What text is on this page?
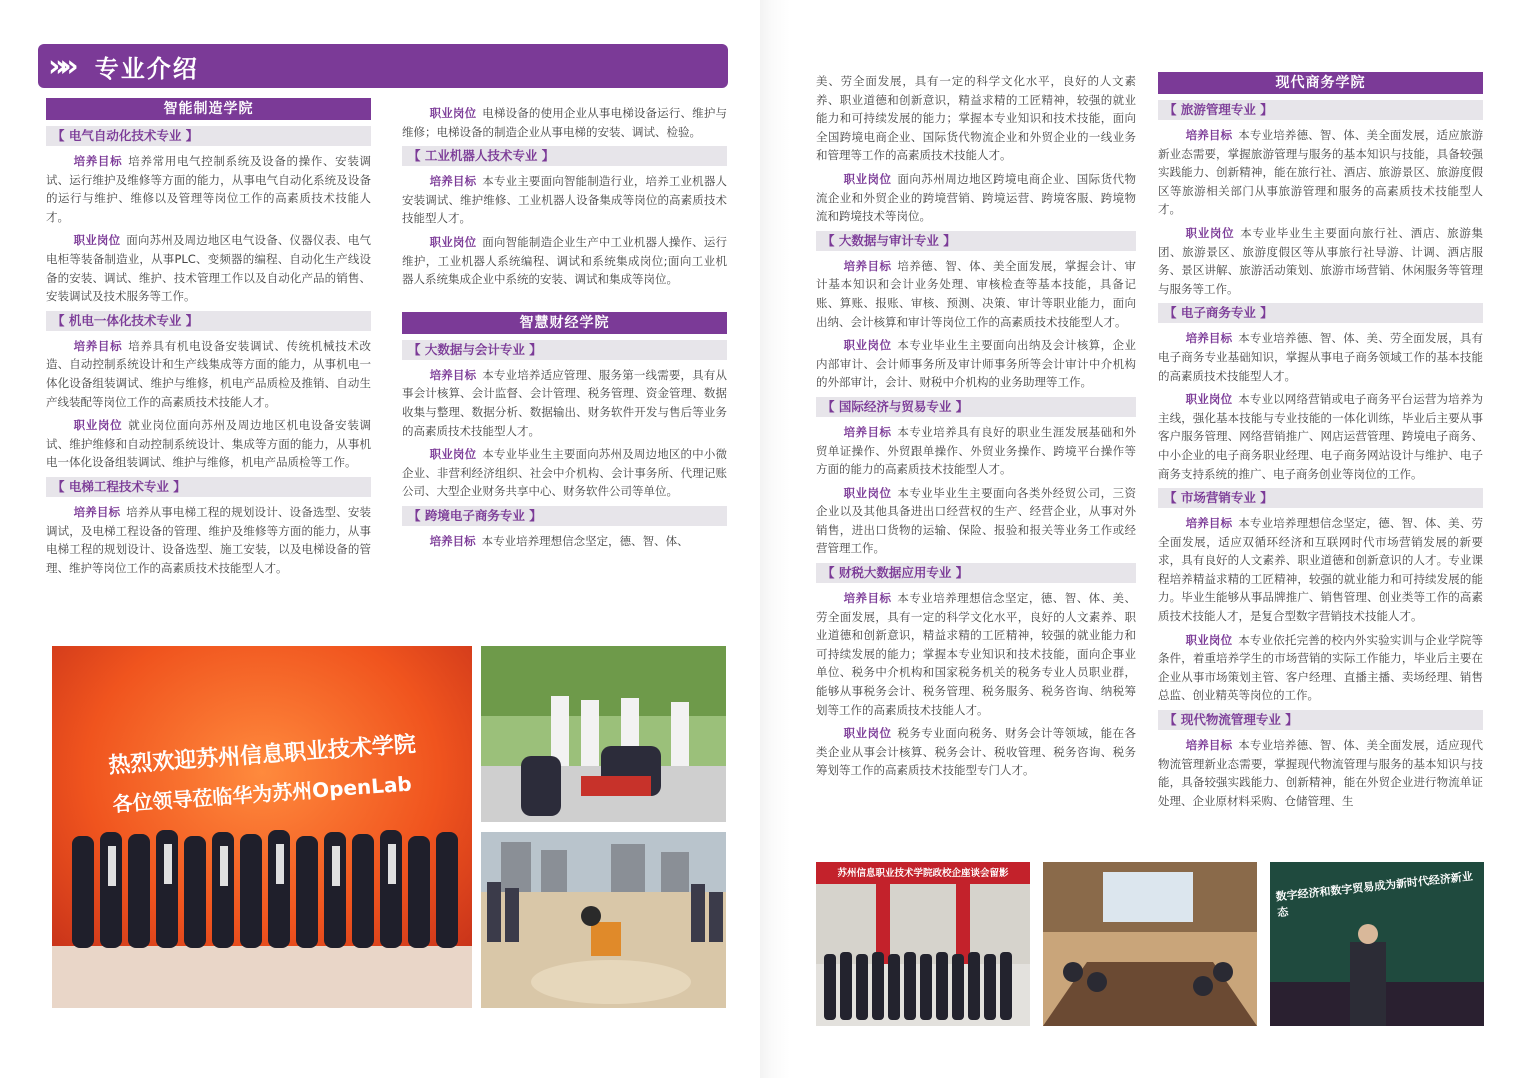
»» 专业介绍
智能制造学院
【 电气自动化技术专业 】

培养目标 培养常用电气控制系统及设备的操作、安装调试、运行维护及维修等方面的能力，从事电气自动化系统及设备的运行与维护、维修以及管理等岗位工作的高素质技术技能人才。

职业岗位 面向苏州及周边地区电气设备、仪器仪表、电气电柜等装备制造业，从事PLC、变频器的编程、自动化生产线设备的安装、调试、维护、技术管理工作以及自动化产品的销售、安装调试及技术服务等工作。

【 机电一体化技术专业 】

培养目标 培养具有机电设备安装调试、传统机械技术改造、自动控制系统设计和生产线集成等方面的能力，从事机电一体化设备组装调试、维护与维修，机电产品质检及推销、自动生产线装配等岗位工作的高素质技术技能人才。

职业岗位 就业岗位面向苏州及周边地区机电设备安装调试、维护维修和自动控制系统设计、集成等方面的能力，从事机电一体化设备组装调试、维护与维修，机电产品质检等工作。

【 电梯工程技术专业 】

培养目标 培养从事电梯工程的规划设计、设备选型、安装调试，及电梯工程设备的管理、维护及维修等方面的能力，从事电梯工程的规划设计、设备选型、施工安装，以及电梯设备的管理、维护等岗位工作的高素质技术技能型人才。

职业岗位 电梯设备的使用企业从事电梯设备运行、维护与维修；电梯设备的制造企业从事电梯的安装、调试、检验。

【 工业机器人技术专业 】

培养目标 本专业主要面向智能制造行业，培养工业机器人安装调试、维护维修、工业机器人设备集成等岗位的高素质技术技能型人才。

职业岗位 面向智能制造企业生产中工业机器人操作、运行维护，工业机器人系统编程、调试和系统集成岗位;面向工业机器人系统集成企业中系统的安装、调试和集成等岗位。

智慧财经学院
【 大数据与会计专业 】

培养目标 本专业培养适应管理、服务第一线需要，具有从事会计核算、会计监督、会计管理、税务管理、资金管理、数据收集与整理、数据分析、数据输出、财务软件开发与售后等业务的高素质技术技能型人才。

职业岗位 本专业毕业生主要面向苏州及周边地区的中小微企业、非营利经济组织、社会中介机构、会计事务所、代理记账公司、大型企业财务共享中心、财务软件公司等单位。

【 跨境电子商务专业 】

培养目标 本专业培养理想信念坚定，德、智、体、

热烈欢迎苏州信息职业技术学院
各位领导莅临华为苏州OpenLab

美、劳全面发展，具有一定的科学文化水平，良好的人文素养、职业道德和创新意识，精益求精的工匠精神，较强的就业能力和可持续发展的能力；掌握本专业知识和技术技能，面向全国跨境电商企业、国际货代物流企业和外贸企业的一线业务和管理等工作的高素质技术技能人才。

职业岗位 面向苏州周边地区跨境电商企业、国际货代物流企业和外贸企业的跨境营销、跨境运营、跨境客服、跨境物流和跨境技术等岗位。

【 大数据与审计专业 】

培养目标 培养德、智、体、美全面发展，掌握会计、审计基本知识和会计业务处理、审核检查等基本技能，具备记账、算账、报账、审核、预测、决策、审计等职业能力，面向出纳、会计核算和审计等岗位工作的高素质技术技能型人才。

职业岗位 本专业毕业生主要面向出纳及会计核算，企业内部审计、会计师事务所及审计师事务所等会计审计中介机构的外部审计，会计、财税中介机构的业务助理等工作。

【 国际经济与贸易专业 】

培养目标 本专业培养具有良好的职业生涯发展基础和外贸单证操作、外贸跟单操作、外贸业务操作、跨境平台操作等方面的能力的高素质技术技能型人才。

职业岗位 本专业毕业生主要面向各类外经贸公司，三资企业以及其他具备进出口经营权的生产、经营企业，从事对外销售，进出口货物的运输、保险、报验和报关等业务工作或经营管理工作。

【 财税大数据应用专业 】

培养目标 本专业培养理想信念坚定，德、智、体、美、劳全面发展，具有一定的科学文化水平，良好的人文素养、职业道德和创新意识，精益求精的工匠精神，较强的就业能力和可持续发展的能力；掌握本专业知识和技术技能，面向企事业单位、税务中介机构和国家税务机关的税务专业人员职业群，能够从事税务会计、税务管理、税务服务、税务咨询、纳税筹划等工作的高素质技术技能人才。

职业岗位 税务专业面向税务、财务会计等领域，能在各类企业从事会计核算、税务会计、税收管理、税务咨询、税务筹划等工作的高素质技术技能型专门人才。

现代商务学院
【 旅游管理专业 】

培养目标 本专业培养德、智、体、美全面发展，适应旅游新业态需要，掌握旅游管理与服务的基本知识与技能，具备较强实践能力、创新精神，能在旅行社、酒店、旅游景区、旅游度假区等旅游相关部门从事旅游管理和服务的高素质技术技能型人才。

职业岗位 本专业毕业生主要面向旅行社、酒店、旅游集团、旅游景区、旅游度假区等从事旅行社导游、计调、酒店服务、景区讲解、旅游活动策划、旅游市场营销、休闲服务等管理与服务等工作。

【 电子商务专业 】

培养目标 本专业培养德、智、体、美、劳全面发展，具有电子商务专业基础知识，掌握从事电子商务领域工作的基本技能的高素质技术技能型人才。

职业岗位 本专业以网络营销或电子商务平台运营为培养为主线，强化基本技能与专业技能的一体化训练，毕业后主要从事客户服务管理、网络营销推广、网店运营管理、跨境电子商务、中小企业的电子商务职业经理、电子商务网站设计与维护、电子商务支持系统的推广、电子商务创业等岗位的工作。

【 市场营销专业 】

培养目标 本专业培养理想信念坚定，德、智、体、美、劳全面发展，适应双循环经济和互联网时代市场营销发展的新要求，具有良好的人文素养、职业道德和创新意识的人才。专业课程培养精益求精的工匠精神，较强的就业能力和可持续发展的能力。毕业生能够从事品牌推广、销售管理、创业类等工作的高素质技术技能人才，是复合型数字营销技术技能人才。

职业岗位 本专业依托完善的校内外实验实训与企业学院等条件，着重培养学生的市场营销的实际工作能力，毕业后主要在企业从事市场策划主管、客户经理、直播主播、卖场经理、销售总监、创业精英等岗位的工作。

【 现代物流管理专业 】

培养目标 本专业培养德、智、体、美全面发展，适应现代物流管理新业态需要，掌握现代物流管理与服务的基本知识与技能，具备较强实践能力、创新精神，能在外贸企业进行物流单证处理、企业原材料采购、仓储管理、生

苏州信息职业技术学院政校企座谈会留影	数字经济和数字贸易成为新时代经济新业态
